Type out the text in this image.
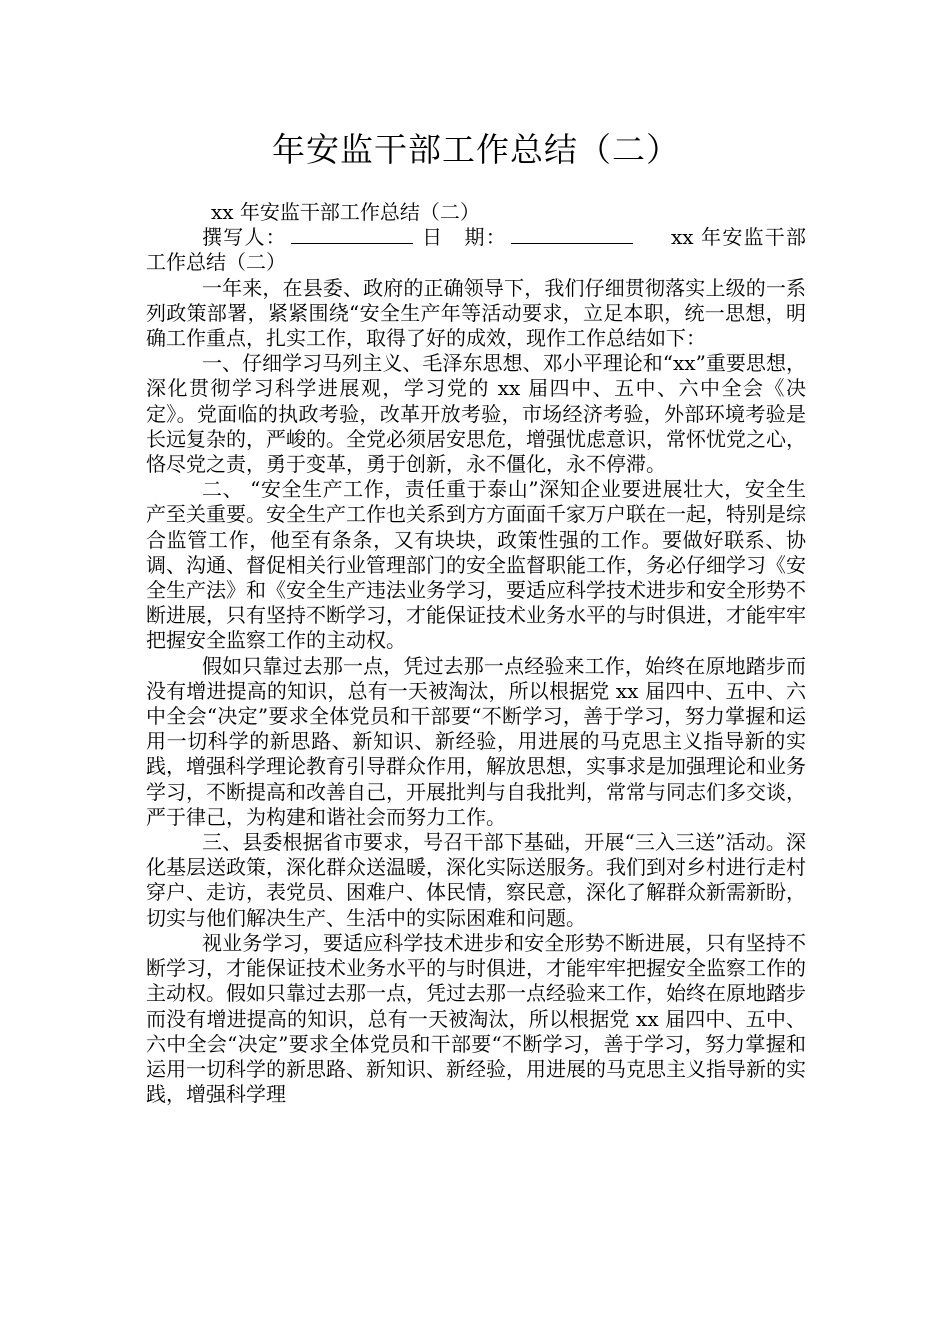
年安监干部工作总结（二）

xx 年安监干部工作总结（二）

撰写人：	日　期：	xx 年安监干部工作总结（二）

一年来，在县委、政府的正确领导下，我们仔细贯彻落实上级的一系列政策部署，紧紧围绕“安全生产年等活动要求，立足本职，统一思想，明确工作重点，扎实工作，取得了好的成效，现作工作总结如下：

一、仔细学习马列主义、毛泽东思想、邓小平理论和“xx”重要思想，深化贯彻学习科学进展观，学习党的 xx 届四中、五中、六中全会《决定》。党面临的执政考验，改革开放考验，市场经济考验，外部环境考验是长远复杂的，严峻的。全党必须居安思危，增强忧虑意识，常怀忧党之心，恪尽党之责，勇于变革，勇于创新，永不僵化，永不停滞。

二、 “安全生产工作，责任重于泰山”深知企业要进展壮大，安全生产至关重要。安全生产工作也关系到方方面面千家万户联在一起，特别是综合监管工作，他至有条条，又有块块，政策性强的工作。要做好联系、协调、沟通、督促相关行业管理部门的安全监督职能工作，务必仔细学习《安全生产法》和《安全生产违法业务学习，要适应科学技术进步和安全形势不断进展，只有坚持不断学习，才能保证技术业务水平的与时俱进，才能牢牢把握安全监察工作的主动权。

假如只靠过去那一点，凭过去那一点经验来工作，始终在原地踏步而没有增进提高的知识，总有一天被淘汰，所以根据党 xx 届四中、五中、六中全会“决定”要求全体党员和干部要“不断学习，善于学习，努力掌握和运用一切科学的新思路、新知识、新经验，用进展的马克思主义指导新的实践，增强科学理论教育引导群众作用，解放思想，实事求是加强理论和业务学习，不断提高和改善自己，开展批判与自我批判，常常与同志们多交谈，严于律己，为构建和谐社会而努力工作。

三、县委根据省市要求，号召干部下基础，开展“三入三送”活动。深化基层送政策，深化群众送温暖，深化实际送服务。我们到对乡村进行走村穿户、走访，表党员、困难户、体民情，察民意，深化了解群众新需新盼，切实与他们解决生产、生活中的实际困难和问题。

视业务学习，要适应科学技术进步和安全形势不断进展，只有坚持不断学习，才能保证技术业务水平的与时俱进，才能牢牢把握安全监察工作的主动权。假如只靠过去那一点，凭过去那一点经验来工作，始终在原地踏步而没有增进提高的知识，总有一天被淘汰，所以根据党 xx 届四中、五中、六中全会“决定”要求全体党员和干部要“不断学习，善于学习，努力掌握和运用一切科学的新思路、新知识、新经验，用进展的马克思主义指导新的实践，增强科学理
